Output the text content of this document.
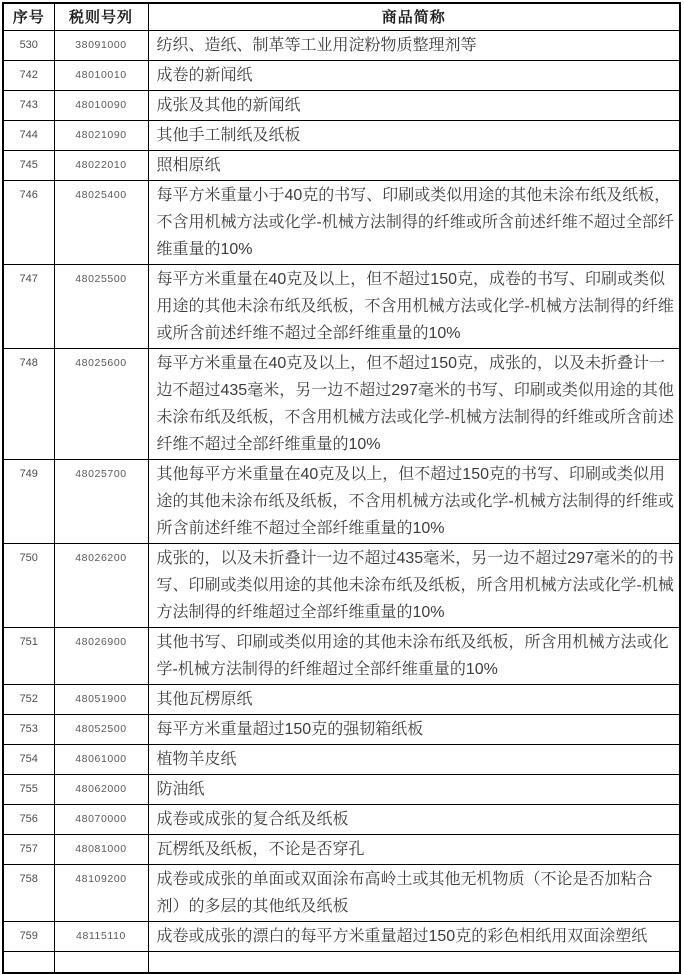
序号	税则号列	商品简称
530	38091000	纺织、造纸、制革等工业用淀粉物质整理剂等
742	48010010	成卷的新闻纸
743	48010090	成张及其他的新闻纸
744	48021090	其他手工制纸及纸板
745	48022010	照相原纸
746	48025400	每平方米重量小于40克的书写、印刷或类似用途的其他未涂布纸及纸板，不含用机械方法或化学-机械方法制得的纤维或所含前述纤维不超过全部纤维重量的10%
747	48025500	每平方米重量在40克及以上，但不超过150克，成卷的书写、印刷或类似用途的其他未涂布纸及纸板，不含用机械方法或化学-机械方法制得的纤维或所含前述纤维不超过全部纤维重量的10%
748	48025600	每平方米重量在40克及以上，但不超过150克，成张的，以及未折叠计一边不超过435毫米，另一边不超过297毫米的书写、印刷或类似用途的其他未涂布纸及纸板，不含用机械方法或化学-机械方法制得的纤维或所含前述纤维不超过全部纤维重量的10%
749	48025700	其他每平方米重量在40克及以上，但不超过150克的书写、印刷或类似用途的其他未涂布纸及纸板，不含用机械方法或化学-机械方法制得的纤维或所含前述纤维不超过全部纤维重量的10%
750	48026200	成张的，以及未折叠计一边不超过435毫米，另一边不超过297毫米的的书写、印刷或类似用途的其他未涂布纸及纸板，所含用机械方法或化学-机械方法制得的纤维超过全部纤维重量的10%
751	48026900	其他书写、印刷或类似用途的其他未涂布纸及纸板，所含用机械方法或化学-机械方法制得的纤维超过全部纤维重量的10%
752	48051900	其他瓦楞原纸
753	48052500	每平方米重量超过150克的强韧箱纸板
754	48061000	植物羊皮纸
755	48062000	防油纸
756	48070000	成卷或成张的复合纸及纸板
757	48081000	瓦楞纸及纸板，不论是否穿孔
758	48109200	成卷或成张的单面或双面涂布高岭土或其他无机物质（不论是否加粘合剂）的多层的其他纸及纸板
759	48115110	成卷或成张的漂白的每平方米重量超过150克的彩色相纸用双面涂塑纸
